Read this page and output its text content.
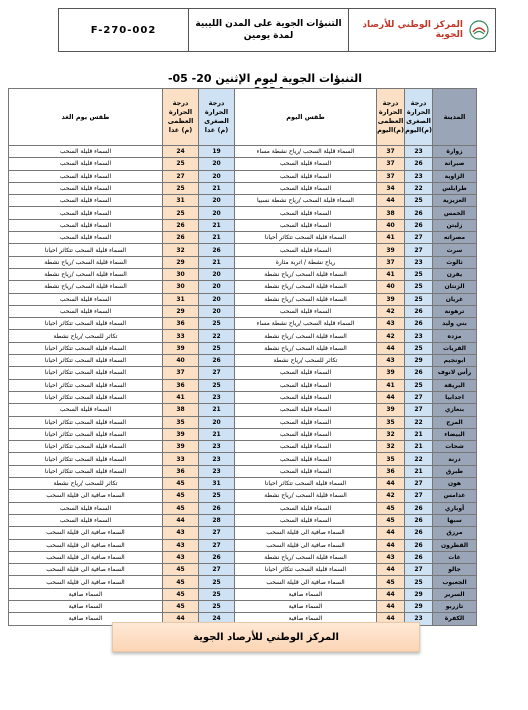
F-270-002
التنبؤات الجوية على المدن الليبية
لمدة يومين
المركز الوطني للأرصاد الجوية
التنبؤات الجوية ليوم الإثنين 20- 05-
المدينة	درجة الحرارة الصغرى (م)اليوم	درجة الحرارة العظمى (م)اليوم	طقس اليوم	درجة الحرارة الصغرى (م) غدا	درجة الحرارة العظمى (م) غدا	طقس يوم الغد
زوارة	23	37	السماء قليلة السحب /رياح نشطة مساء	19	24	السماء قليلة السحب
صبراتة	26	37	السماء قليلة السحب	20	25	السماء قليلة السحب
الزاوية	23	37	السماء قليلة السحب	20	27	السماء قليلة السحب
طرابلس	22	34	السماء قليلة السحب	21	25	السماء قليلة السحب
العزيزية	25	44	السماء قليلة السحب /رياح نشطة نسبيا	20	31	السماء قليلة السحب
الخمس	26	38	السماء قليلة السحب	20	25	السماء قليلة السحب
زليتن	26	40	السماء قليلة السحب	21	26	السماء قليلة السحب
مصراته	27	41	السماء قليلة السحب تتكاثر أحيانا	21	26	السماء قليلة السحب
سرت	27	39	السماء قليلة السحب	26	32	السماء قليلة السحب تتكاثر احيانا
ثالوث	23	37	رياح نشطة / اتربة مثارة	21	29	السماء قليلة السحب /رياح نشطة
يفرن	25	41	السماء قليلة السحب /رياح نشطة	20	30	السماء قليلة السحب /رياح نشطة
الزنتان	25	40	السماء قليلة السحب /رياح نشطة	20	30	السماء قليلة السحب /رياح نشطة
غريان	25	39	السماء قليلة السحب /رياح نشطة	20	31	السماء قليلة السحب
ترهونة	26	42	السماء قليلة السحب	20	29	السماء قليلة السحب
بني وليد	26	43	السماء قليلة السحب /رياح نشطة مساء	25	36	السماء قليلة السحب تتكاثر احيانا
مزده	23	42	السماء قليلة السحب /رياح نشطة	22	33	تكاثر للسحب /رياح نشطة
القريات	25	44	السماء قليلة السحب /رياح نشطة	25	39	السماء قليلة السحب تتكاثر احيانا
ابونجيم	29	43	تكاثر للسحب /رياح نشطة	26	40	السماء قليلة السحب تتكاثر احيانا
رأس لانوف	26	39	السماء قليلة السحب	27	37	السماء قليلة السحب تتكاثر احيانا
البريقة	25	41	السماء قليلة السحب	25	36	السماء قليلة السحب تتكاثر احيانا
اجدابيا	27	44	السماء قليلة السحب	23	41	السماء قليلة السحب تتكاثر احيانا
بنغازي	27	39	السماء قليلة السحب	21	38	السماء قليلة السحب
المرج	22	35	السماء قليلة السحب	20	35	السماء قليلة السحب تتكاثر احيانا
البيضاء	21	32	السماء قليلة السحب	21	39	السماء قليلة السحب تتكاثر احيانا
شحات	21	32	السماء قليلة السحب	23	39	السماء قليلة السحب تتكاثر احيانا
درنة	22	35	السماء قليلة السحب	23	33	السماء قليلة السحب تتكاثر احيانا
طبرق	21	36	السماء قليلة السحب	23	36	السماء قليلة السحب تتكاثر احيانا
هون	27	44	السماء قليلة السحب تتكاثر احيانا	31	45	تكاثر للسحب /رياح نشطة
غدامس	27	42	السماء قليلة السحب /رياح نشطة	25	45	السماء صافية الى قليلة السحب
أوباري	26	45	السماء قليلة السحب	26	45	السماء قليلة السحب
سبها	26	45	السماء قليلة السحب	28	44	السماء قليلة السحب
مرزق	26	44	السماء صافية الى قليلة السحب	27	43	السماء صافية الى قليلة السحب
القطرون	26	44	السماء صافية الى قليلة السحب	27	43	السماء صافية الى قليلة السحب
غات	26	43	السماء قليلة السحب /رياح نشطة	26	43	السماء صافية الى قليلة السحب
جالو	27	44	السماء قليلة السحب تتكاثر احيانا	27	45	السماء صافية الى قليلة السحب
الجغبوب	25	45	السماء صافية الى قليلة السحب	25	45	السماء صافية الى قليلة السحب
السرير	29	44	السماء صافية	25	45	السماء صافية
تازربو	29	44	السماء صافية	25	45	السماء صافية
الكفرة	23	44	السماء صافية	24	44	السماء صافية
المركز الوطني للأرصاد الجوية
